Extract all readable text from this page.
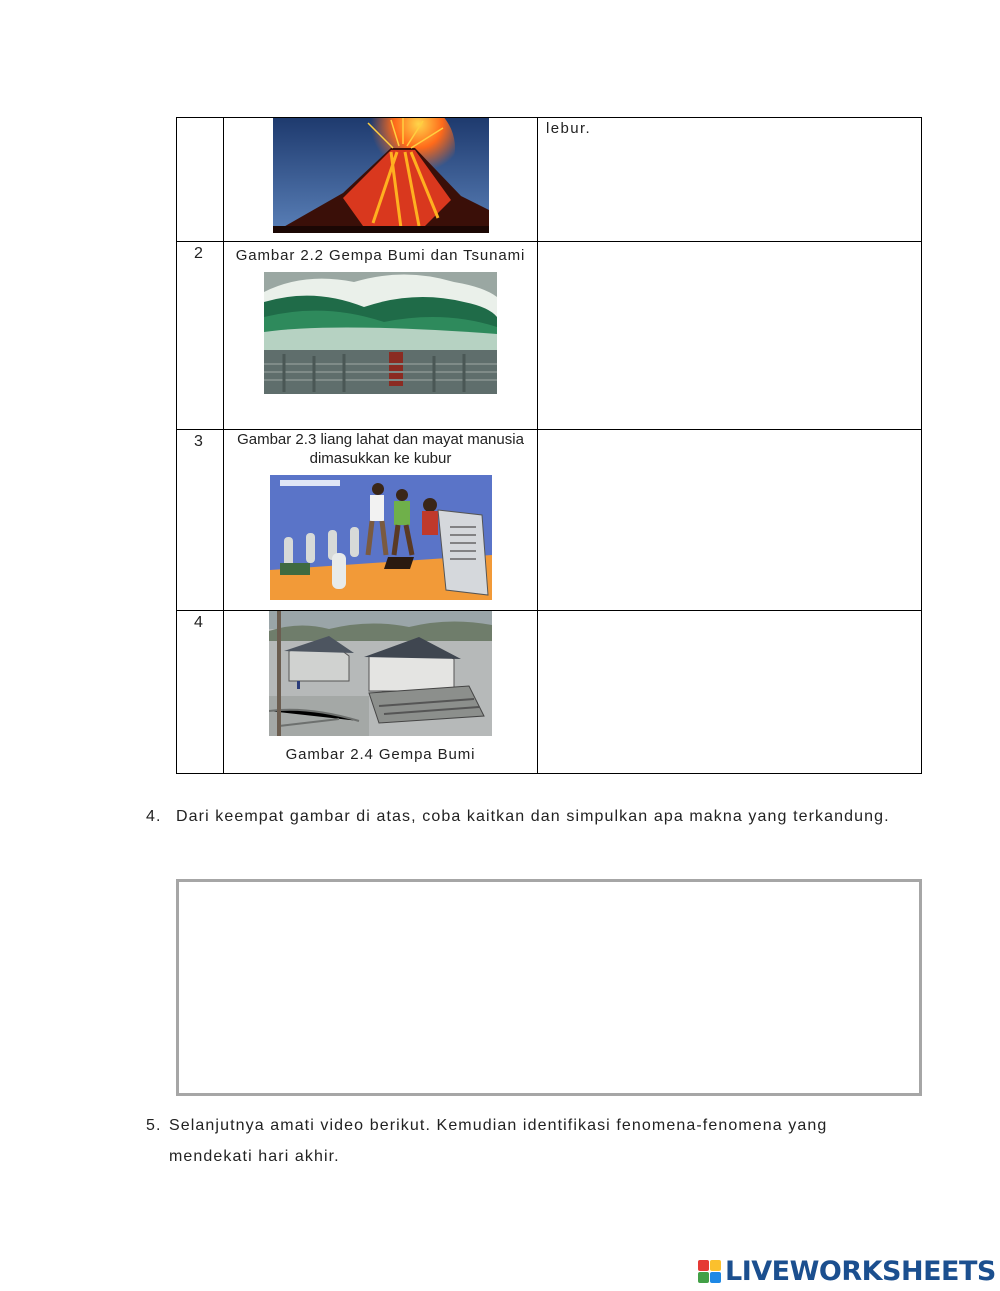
lebur.

2	Gambar 2.2 Gempa Bumi dan Tsunami	

3	Gambar 2.3 liang lahat dan mayat manusia dimasukkan ke kubur	

4	Gambar 2.4 Gempa Bumi	

4. Dari keempat gambar di atas, coba kaitkan dan simpulkan apa makna yang terkandung.
5. Selanjutnya amati video berikut. Kemudian identifikasi fenomena-fenomena yang mendekati hari akhir.
LIVEWORKSHEETS
